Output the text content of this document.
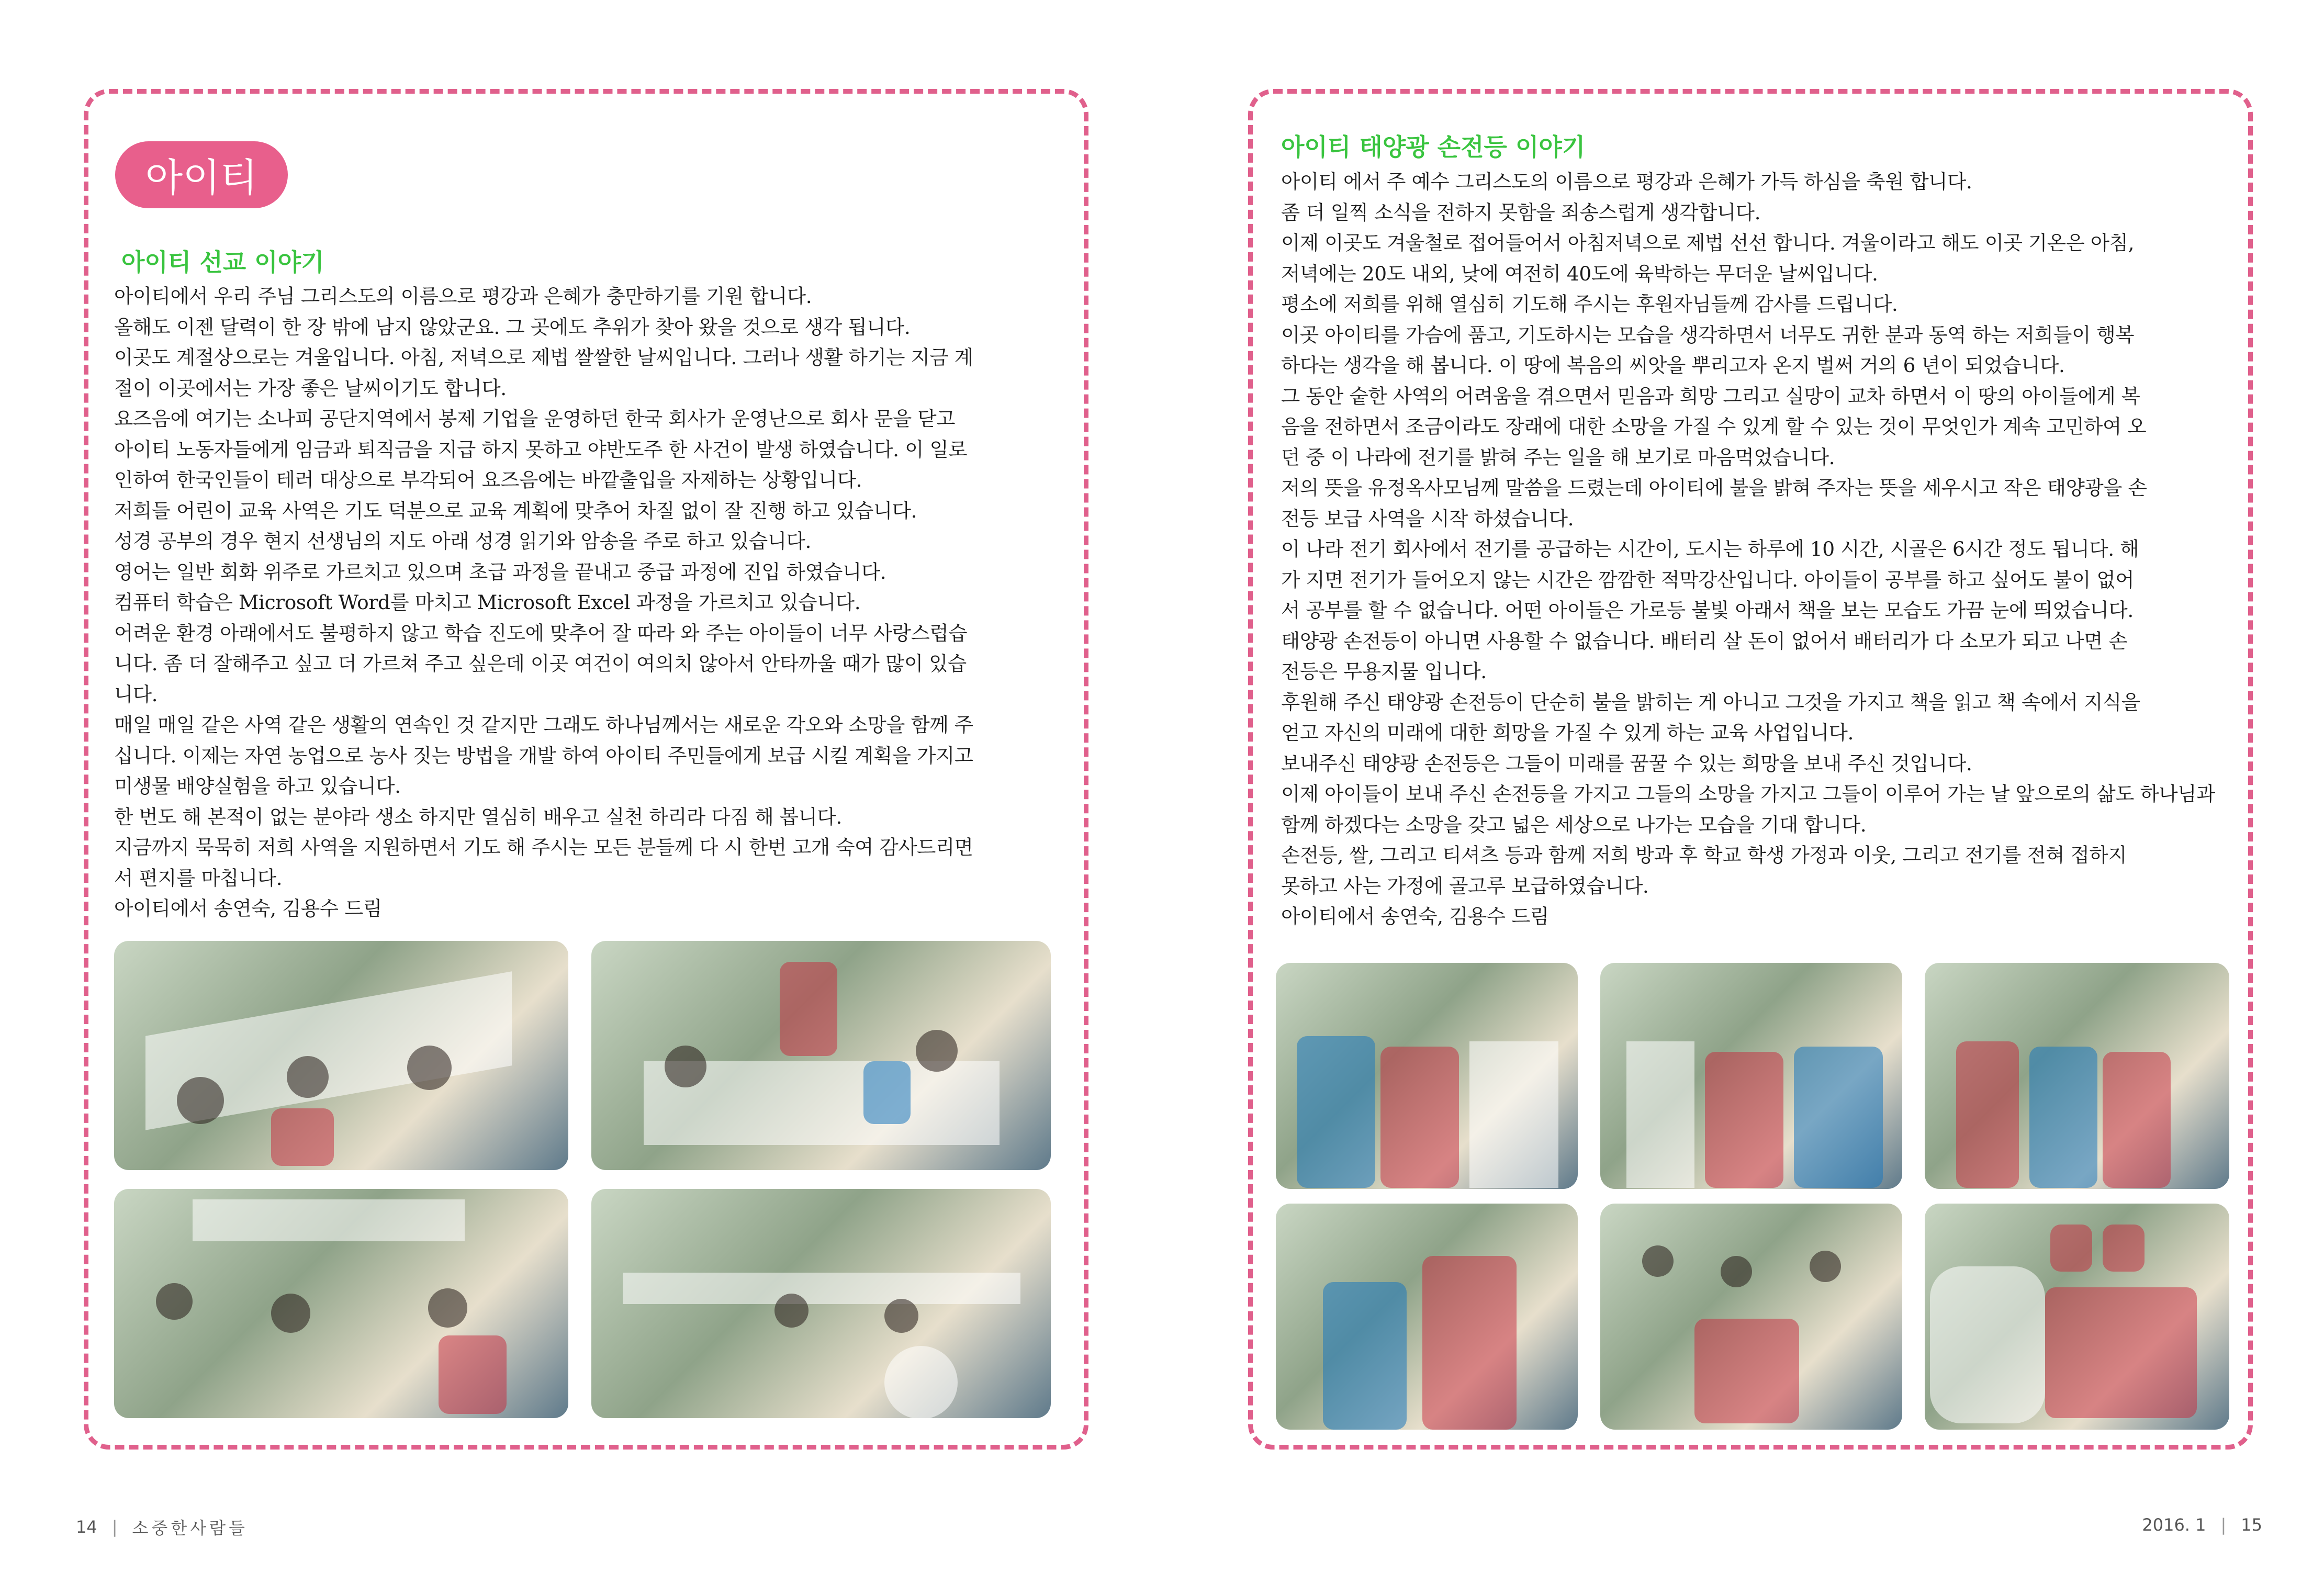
아이티
아이티 선교 이야기

아이티에서 우리 주님 그리스도의 이름으로 평강과 은혜가 충만하기를 기원 합니다.

올해도 이젠 달력이 한 장 밖에 남지 않았군요. 그 곳에도 추위가 찾아 왔을 것으로 생각 됩니다.

이곳도 계절상으로는 겨울입니다. 아침, 저녁으로 제법 쌀쌀한 날씨입니다. 그러나 생활 하기는 지금 계

절이 이곳에서는 가장 좋은 날씨이기도 합니다.

요즈음에 여기는 소나피 공단지역에서 봉제 기업을 운영하던 한국 회사가 운영난으로 회사 문을 닫고

아이티 노동자들에게 임금과 퇴직금을 지급 하지 못하고 야반도주 한 사건이 발생 하였습니다. 이 일로

인하여 한국인들이 테러 대상으로 부각되어 요즈음에는 바깥출입을 자제하는 상황입니다.

저희들 어린이 교육 사역은 기도 덕분으로 교육 계획에 맞추어 차질 없이 잘 진행 하고 있습니다.

성경 공부의 경우 현지 선생님의 지도 아래 성경 읽기와 암송을 주로 하고 있습니다.

영어는 일반 회화 위주로 가르치고 있으며 초급 과정을 끝내고 중급 과정에 진입 하였습니다.

컴퓨터 학습은 Microsoft Word를 마치고 Microsoft Excel 과정을 가르치고 있습니다.

어려운 환경 아래에서도 불평하지 않고 학습 진도에 맞추어 잘 따라 와 주는 아이들이 너무 사랑스럽습

니다. 좀 더 잘해주고 싶고 더 가르쳐 주고 싶은데 이곳 여건이 여의치 않아서 안타까울 때가 많이 있습

니다.

매일 매일 같은 사역 같은 생활의 연속인 것 같지만 그래도 하나님께서는 새로운 각오와 소망을 함께 주

십니다. 이제는 자연 농업으로 농사 짓는 방법을 개발 하여 아이티 주민들에게 보급 시킬 계획을 가지고

미생물 배양실험을 하고 있습니다.

한 번도 해 본적이 없는 분야라 생소 하지만 열심히 배우고 실천 하리라 다짐 해 봅니다.

지금까지 묵묵히 저희 사역을 지원하면서 기도 해 주시는 모든 분들께 다 시 한번 고개 숙여 감사드리면

서 편지를 마칩니다.

아이티에서 송연숙, 김용수 드림

아이티 태양광 손전등 이야기

아이티 에서 주 예수 그리스도의 이름으로 평강과 은혜가 가득 하심을 축원 합니다.

좀 더 일찍 소식을 전하지 못함을 죄송스럽게 생각합니다.

이제 이곳도 겨울철로 접어들어서 아침저녁으로 제법 선선 합니다. 겨울이라고 해도 이곳 기온은 아침,

저녁에는 20도 내외, 낮에 여전히 40도에 육박하는 무더운 날씨입니다.

평소에 저희를 위해 열심히 기도해 주시는 후원자님들께 감사를 드립니다.

이곳 아이티를 가슴에 품고, 기도하시는 모습을 생각하면서 너무도 귀한 분과 동역 하는 저희들이 행복

하다는 생각을 해 봅니다. 이 땅에 복음의 씨앗을 뿌리고자 온지 벌써 거의 6 년이 되었습니다.

그 동안 숱한 사역의 어려움을 겪으면서 믿음과 희망 그리고 실망이 교차 하면서 이 땅의 아이들에게 복

음을 전하면서 조금이라도 장래에 대한 소망을 가질 수 있게 할 수 있는 것이 무엇인가 계속 고민하여 오

던 중 이 나라에 전기를 밝혀 주는 일을 해 보기로 마음먹었습니다.

저의 뜻을 유정옥사모님께 말씀을 드렸는데 아이티에 불을 밝혀 주자는 뜻을 세우시고 작은 태양광을 손

전등 보급 사역을 시작 하셨습니다.

이 나라 전기 회사에서 전기를 공급하는 시간이, 도시는 하루에 10 시간, 시골은 6시간 정도 됩니다. 해

가 지면 전기가 들어오지 않는 시간은 깜깜한 적막강산입니다. 아이들이 공부를 하고 싶어도 불이 없어

서 공부를 할 수 없습니다. 어떤 아이들은 가로등 불빛 아래서 책을 보는 모습도 가끔 눈에 띄었습니다.

태양광 손전등이 아니면 사용할 수 없습니다. 배터리 살 돈이 없어서 배터리가 다 소모가 되고 나면 손

전등은 무용지물 입니다.

후원해 주신 태양광 손전등이 단순히 불을 밝히는 게 아니고 그것을 가지고 책을 읽고 책 속에서 지식을

얻고 자신의 미래에 대한 희망을 가질 수 있게 하는 교육 사업입니다.

보내주신 태양광 손전등은 그들이 미래를 꿈꿀 수 있는 희망을 보내 주신 것입니다.

이제 아이들이 보내 주신 손전등을 가지고 그들의 소망을 가지고 그들이 이루어 가는 날 앞으로의 삶도 하나님과

함께 하겠다는 소망을 갖고 넓은 세상으로 나가는 모습을 기대 합니다.

손전등, 쌀, 그리고 티셔츠 등과 함께 저희 방과 후 학교 학생 가정과 이웃, 그리고 전기를 전혀 접하지

못하고 사는 가정에 골고루 보급하였습니다.

아이티에서 송연숙, 김용수 드림

14 | 소중한사람들	2016. 1 | 15
